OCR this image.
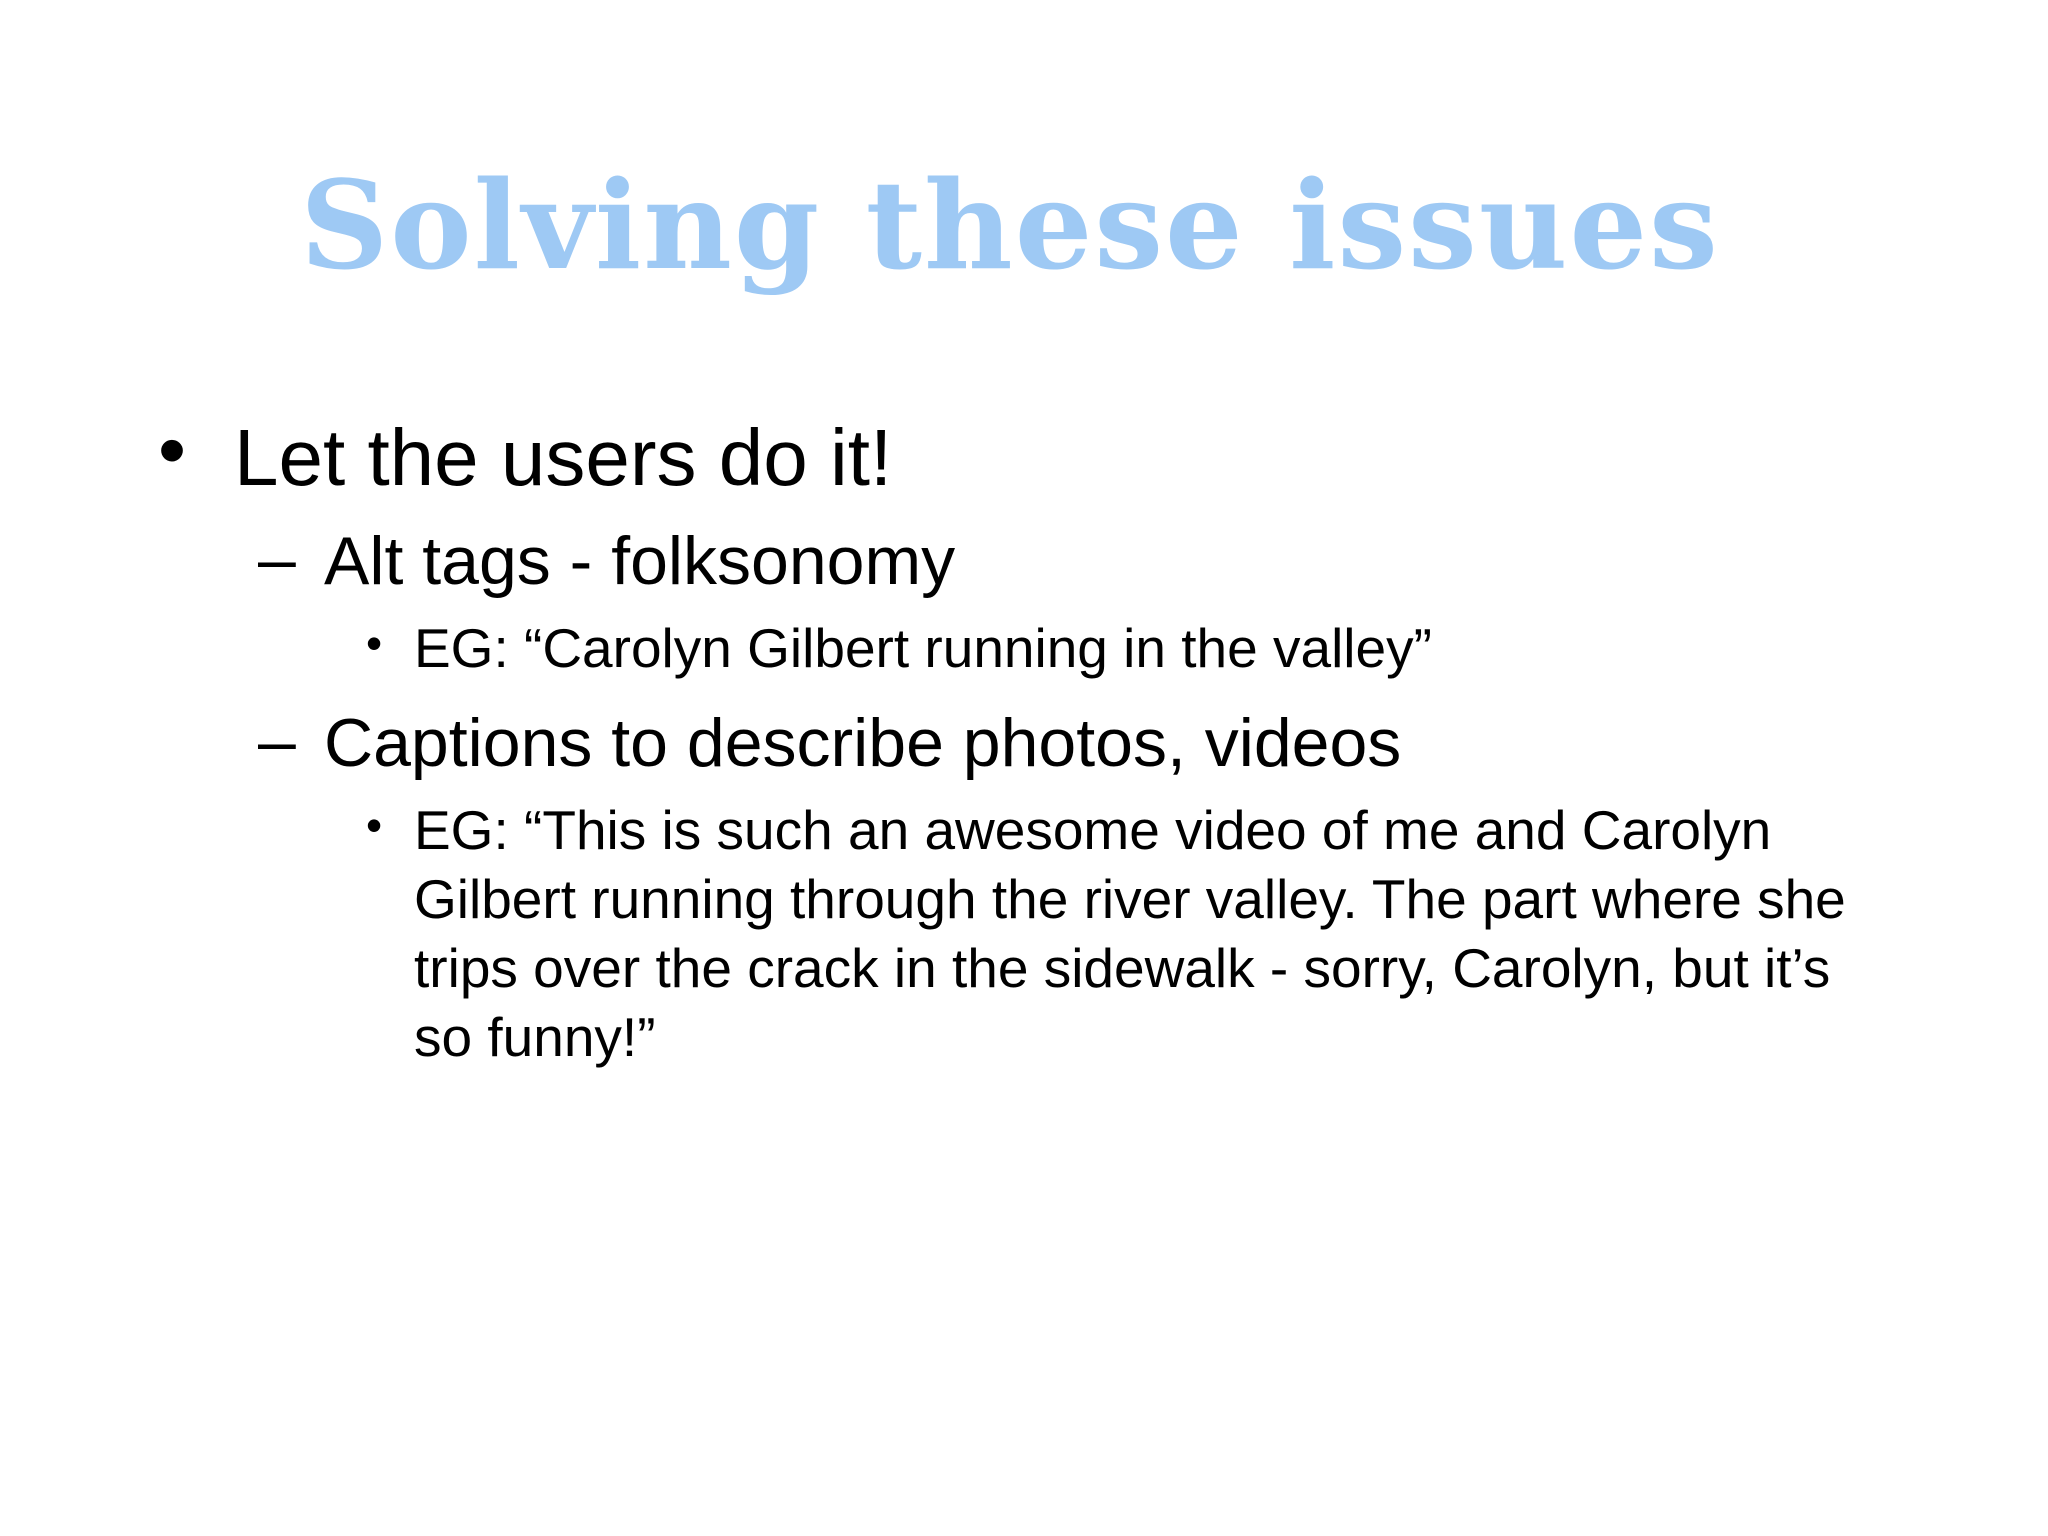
Solving these issues
• Let the users do it!
– Alt tags - folksonomy
• EG: “Carolyn Gilbert running in the valley”
– Captions to describe photos, videos
• EG: “This is such an awesome video of me and Carolyn Gilbert running through the river valley. The part where she trips over the crack in the sidewalk - sorry, Carolyn, but it’s so funny!”
